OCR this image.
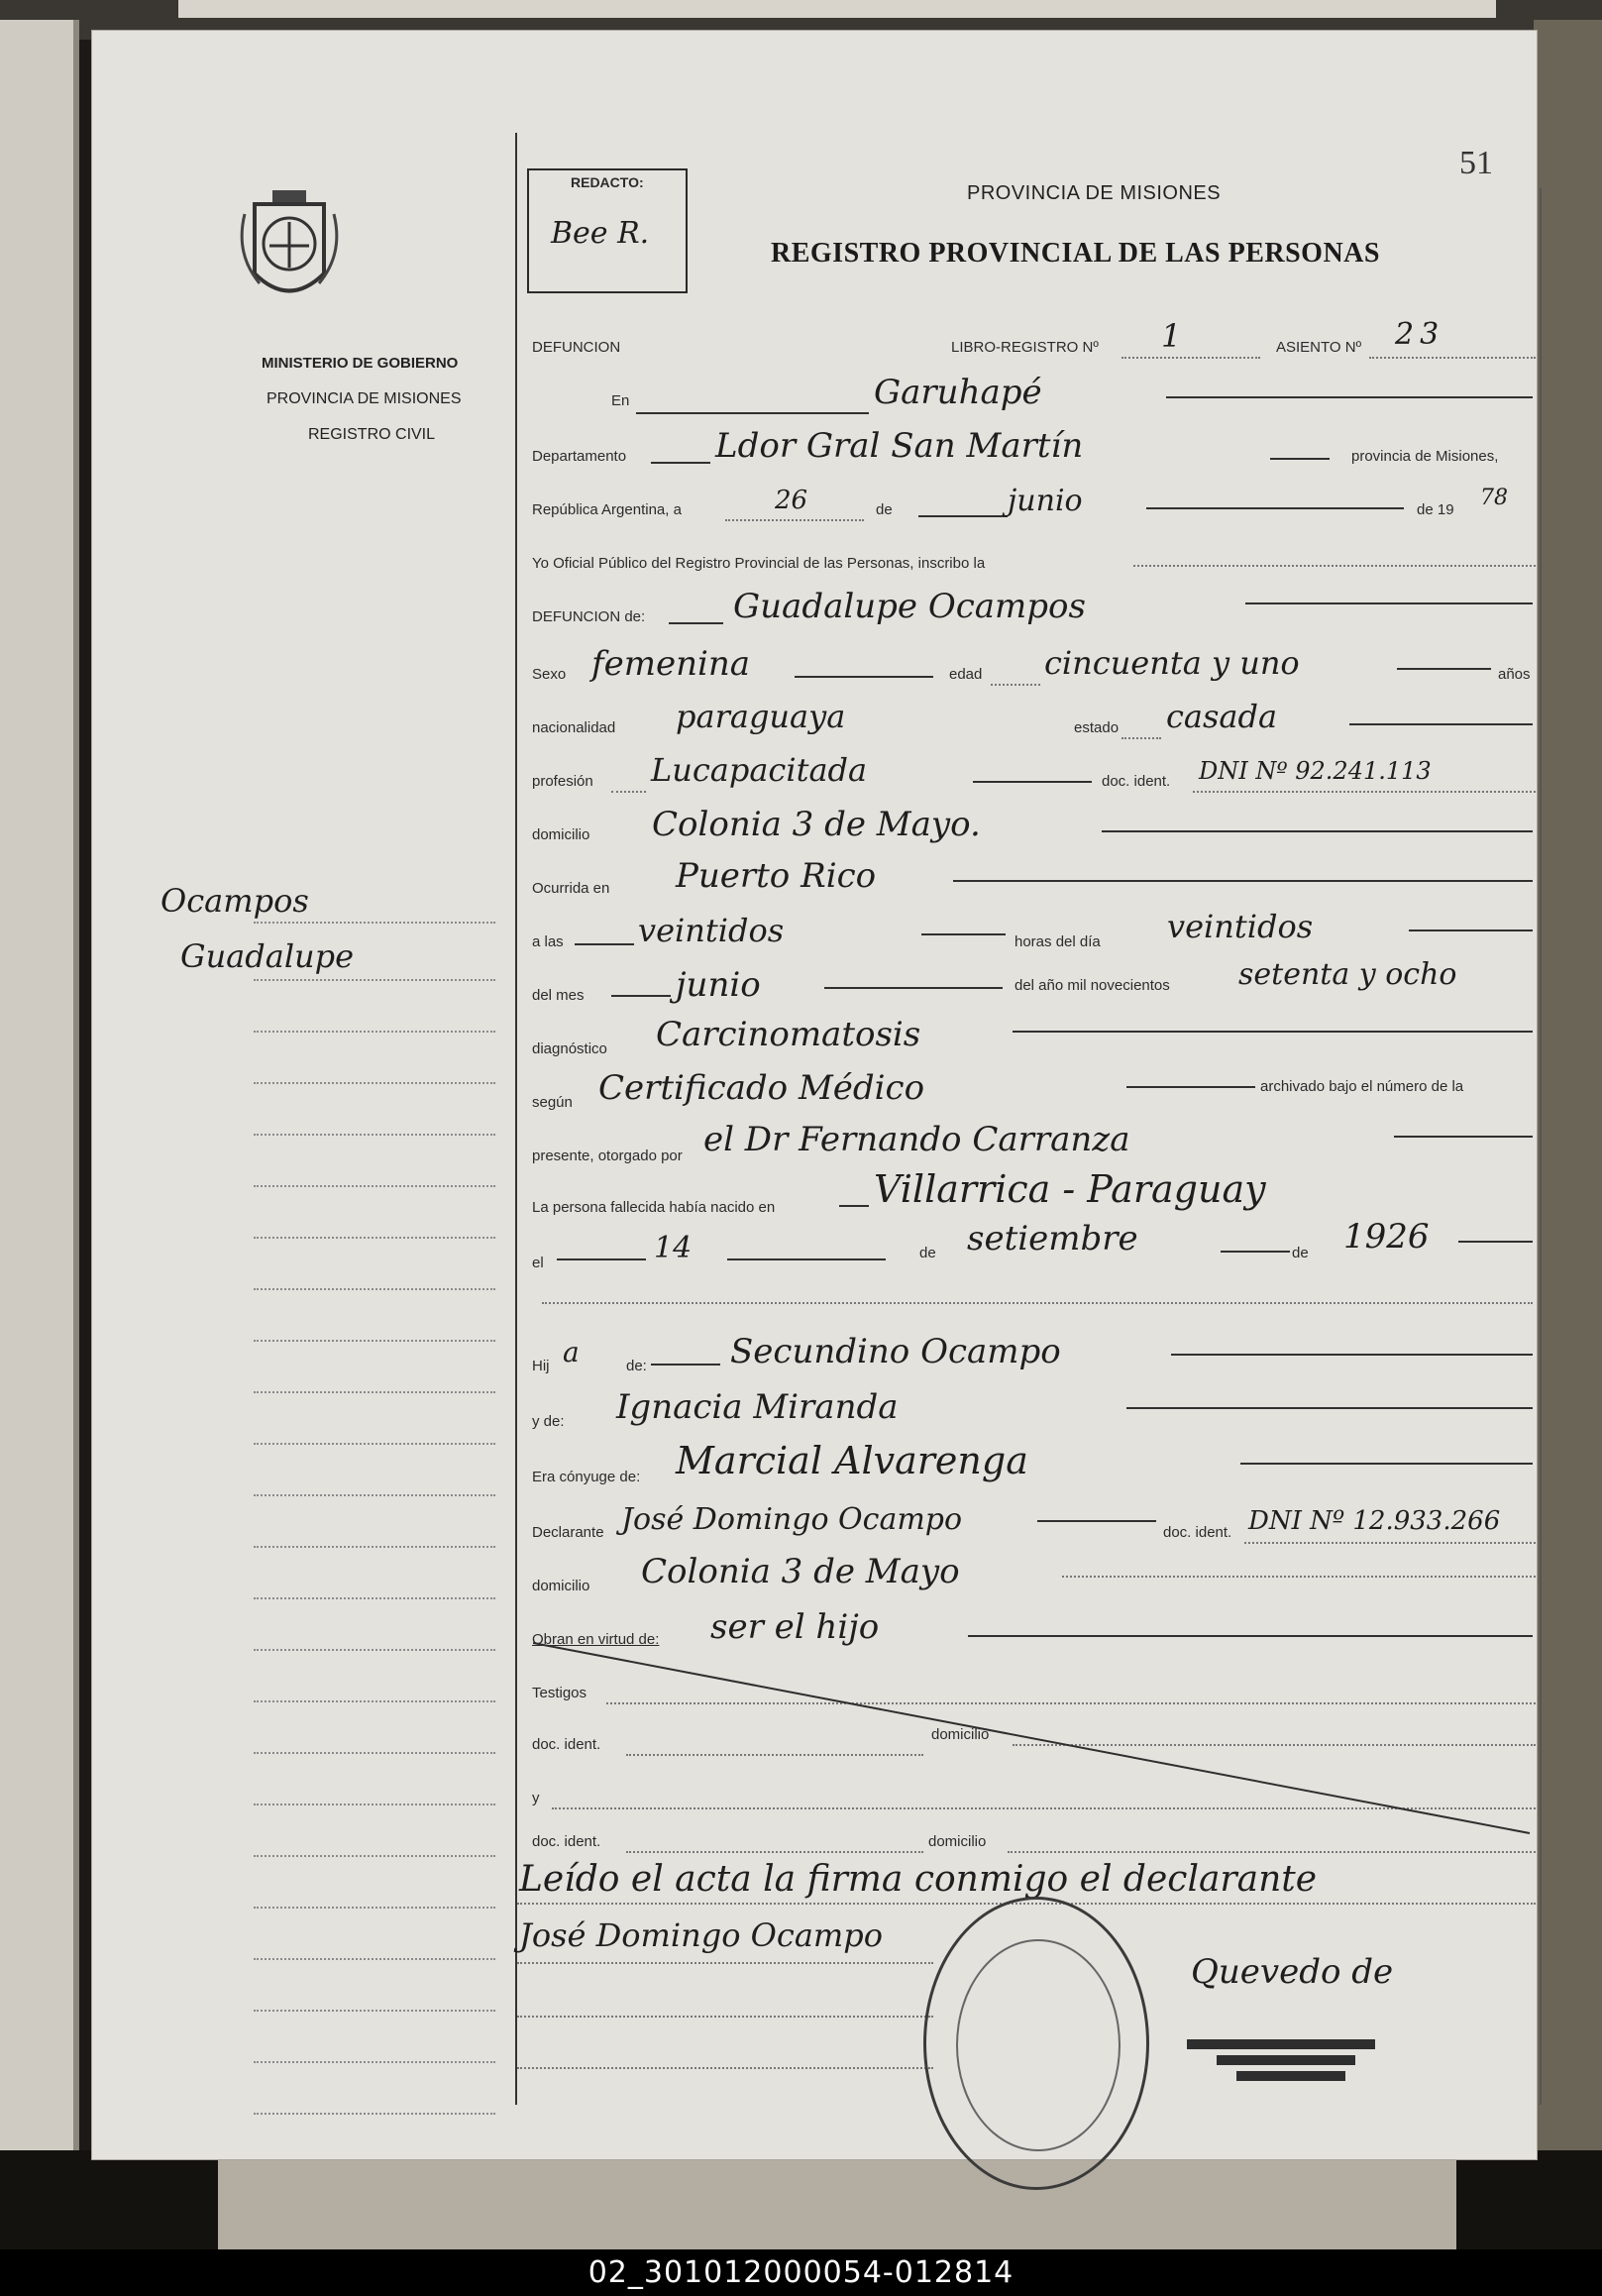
MINISTERIO DE GOBIERNO
PROVINCIA DE MISIONES
REGISTRO CIVIL
Ocampos
Guadalupe
REDACTO:
Bee R.
51
PROVINCIA DE MISIONES
REGISTRO PROVINCIAL DE LAS PERSONAS
DEFUNCION	LIBRO-REGISTRO Nº 1	ASIENTO Nº 23
En	Garuhapé
Departamento	Ldor Gral San Martín	provincia de Misiones,
República Argentina, a	26	de	junio	de 19 78
Yo Oficial Público del Registro Provincial de las Personas, inscribo la
DEFUNCION de:	Guadalupe Ocampos
Sexo femenina	edad cincuenta y uno	años
nacionalidad paraguaya	estado casada
profesión Lucapacitada	doc. ident. DNI Nº 92.241.113
domicilio Colonia 3 de Mayo.
Ocurrida en Puerto Rico
a las veintidos	horas del día veintidos
del mes	junio	del año mil novecientos setenta y ocho
diagnóstico Carcinomatosis
según Certificado Médico	archivado bajo el número de la
presente, otorgado por el Dr Fernando Carranza
La persona fallecida había nacido en	Villarrica - Paraguay
el	14	de setiembre	de 1926
Hij a	de: Secundino Ocampo
y de: Ignacia Miranda
Era cónyuge de: Marcial Alvarenga
Declarante José Domingo Ocampo	doc. ident. DNI Nº 12.933.266
domicilio Colonia 3 de Mayo
Obran en virtud de: ser el hijo
Testigos
doc. ident.
domicilio
y
doc. ident.	domicilio
Leído el acta la firma conmigo el declarante
José Domingo Ocampo
Quevedo de
02_301012000054-012814
